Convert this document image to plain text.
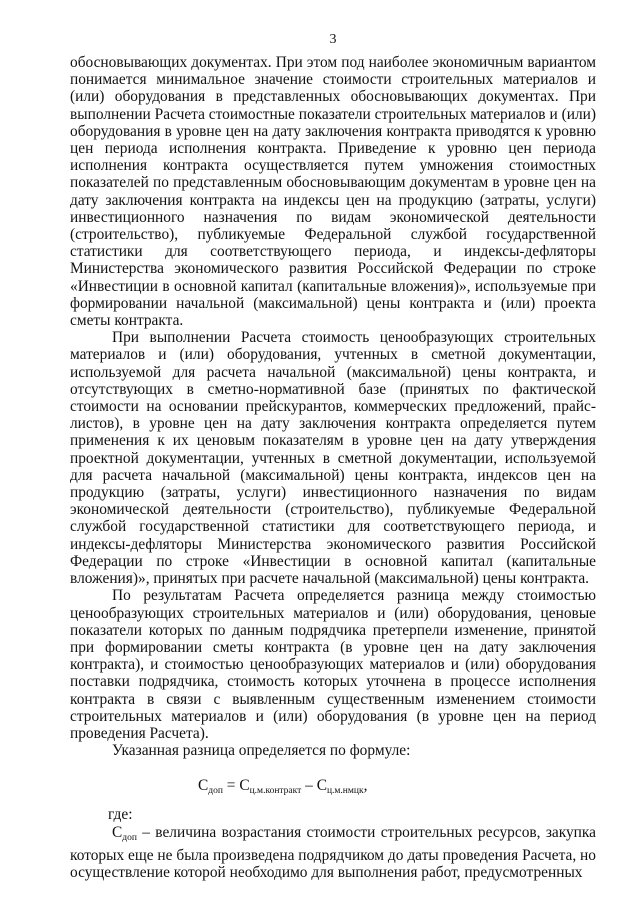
3

обосновывающих документах. При этом под наиболее экономичным вариантом понимается минимальное значение стоимости строительных материалов и (или) оборудования в представленных обосновывающих документах. При выполнении Расчета стоимостные показатели строительных материалов и (или) оборудования в уровне цен на дату заключения контракта приводятся к уровню цен периода исполнения контракта. Приведение к уровню цен периода исполнения контракта осуществляется путем умножения стоимостных показателей по представленным обосновывающим документам в уровне цен на дату заключения контракта на индексы цен на продукцию (затраты, услуги) инвестиционного назначения по видам экономической деятельности (строительство), публикуемые Федеральной службой государственной статистики для соответствующего периода, и индексы-дефляторы Министерства экономического развития Российской Федерации по строке «Инвестиции в основной капитал (капитальные вложения)», используемые при формировании начальной (максимальной) цены контракта и (или) проекта сметы контракта.

При выполнении Расчета стоимость ценообразующих строительных материалов и (или) оборудования, учтенных в сметной документации, используемой для расчета начальной (максимальной) цены контракта, и отсутствующих в сметно-нормативной базе (принятых по фактической стоимости на основании прейскурантов, коммерческих предложений, прайс-листов), в уровне цен на дату заключения контракта определяется путем применения к их ценовым показателям в уровне цен на дату утверждения проектной документации, учтенных в сметной документации, используемой для расчета начальной (максимальной) цены контракта, индексов цен на продукцию (затраты, услуги) инвестиционного назначения по видам экономической деятельности (строительство), публикуемые Федеральной службой государственной статистики для соответствующего периода, и индексы-дефляторы Министерства экономического развития Российской Федерации по строке «Инвестиции в основной капитал (капитальные вложения)», принятых при расчете начальной (максимальной) цены контракта.

По результатам Расчета определяется разница между стоимостью ценообразующих строительных материалов и (или) оборудования, ценовые показатели которых по данным подрядчика претерпели изменение, принятой при формировании сметы контракта (в уровне цен на дату заключения контракта), и стоимостью ценообразующих материалов и (или) оборудования поставки подрядчика, стоимость которых уточнена в процессе исполнения контракта в связи с выявленным существенным изменением стоимости строительных материалов и (или) оборудования (в уровне цен на период проведения Расчета).

Указанная разница определяется по формуле:

$С_{доп} = С_{ц.м.контракт} - С_{ц.м.нмцк}$,
где:

$С_{доп}$ – величина возрастания стоимости строительных ресурсов, закупка которых еще не была произведена подрядчиком до даты проведения Расчета, но осуществление которой необходимо для выполнения работ, предусмотренных
